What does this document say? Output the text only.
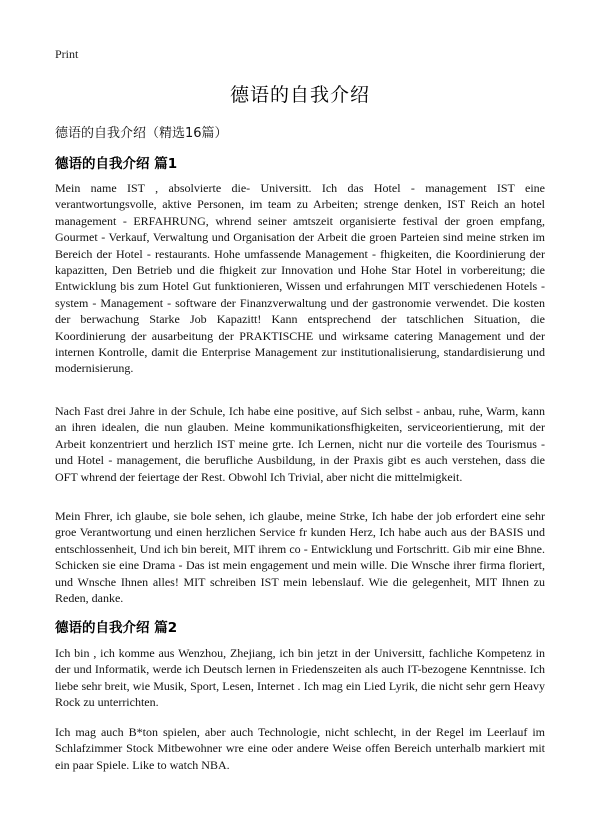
Print
德语的自我介绍
德语的自我介绍（精选16篇）
德语的自我介绍 篇1
Mein name IST , absolvierte die- Universitt. Ich das Hotel - management IST eine verantwortungsvolle, aktive Personen, im team zu Arbeiten; strenge denken, IST Reich an hotel management - ERFAHRUNG, whrend seiner amtszeit organisierte festival der groen empfang, Gourmet - Verkauf, Verwaltung und Organisation der Arbeit die groen Parteien sind meine strken im Bereich der Hotel - restaurants. Hohe umfassende Management - fhigkeiten, die Koordinierung der kapazitten, Den Betrieb und die fhigkeit zur Innovation und Hohe Star Hotel in vorbereitung; die Entwicklung bis zum Hotel Gut funktionieren, Wissen und erfahrungen MIT verschiedenen Hotels - system - Management - software der Finanzverwaltung und der gastronomie verwendet. Die kosten der berwachung Starke Job Kapazitt! Kann entsprechend der tatschlichen Situation, die Koordinierung der ausarbeitung der PRAKTISCHE und wirksame catering Management und der internen Kontrolle, damit die Enterprise Management zur institutionalisierung, standardisierung und modernisierung.
Nach Fast drei Jahre in der Schule, Ich habe eine positive, auf Sich selbst - anbau, ruhe, Warm, kann an ihren idealen, die nun glauben. Meine kommunikationsfhigkeiten, serviceorientierung, mit der Arbeit konzentriert und herzlich IST meine grte. Ich Lernen, nicht nur die vorteile des Tourismus - und Hotel - management, die berufliche Ausbildung, in der Praxis gibt es auch verstehen, dass die OFT whrend der feiertage der Rest. Obwohl Ich Trivial, aber nicht die mittelmigkeit.
Mein Fhrer, ich glaube, sie bole sehen, ich glaube, meine Strke, Ich habe der job erfordert eine sehr groe Verantwortung und einen herzlichen Service fr kunden Herz, Ich habe auch aus der BASIS und entschlossenheit, Und ich bin bereit, MIT ihrem co - Entwicklung und Fortschritt. Gib mir eine Bhne. Schicken sie eine Drama - Das ist mein engagement und mein wille. Die Wnsche ihrer firma floriert, und Wnsche Ihnen alles! MIT schreiben IST mein lebenslauf. Wie die gelegenheit, MIT Ihnen zu Reden, danke.
德语的自我介绍 篇2
Ich bin , ich komme aus Wenzhou, Zhejiang, ich bin jetzt in der Universitt, fachliche Kompetenz in der und Informatik, werde ich Deutsch lernen in Friedenszeiten als auch IT-bezogene Kenntnisse. Ich liebe sehr breit, wie Musik, Sport, Lesen, Internet . Ich mag ein Lied Lyrik, die nicht sehr gern Heavy Rock zu unterrichten.
Ich mag auch B*ton spielen, aber auch Technologie, nicht schlecht, in der Regel im Leerlauf im Schlafzimmer Stock Mitbewohner wre eine oder andere Weise offen Bereich unterhalb markiert mit ein paar Spiele. Like to watch NBA.
